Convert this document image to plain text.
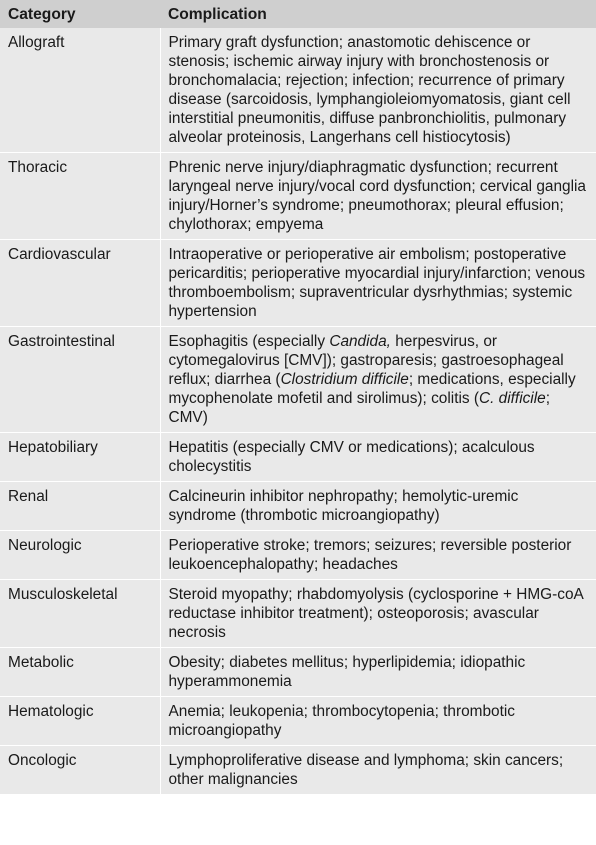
Category	Complication
Allograft	Primary graft dysfunction; anastomotic dehiscence or stenosis; ischemic airway injury with bronchostenosis or bronchomalacia; rejection; infection; recurrence of primary disease (sarcoidosis, lymphangioleiomyomatosis, giant cell interstitial pneumonitis, diffuse panbronchiolitis, pulmonary alveolar proteinosis, Langerhans cell histiocytosis)
Thoracic	Phrenic nerve injury/diaphragmatic dysfunction; recurrent laryngeal nerve injury/vocal cord dysfunction; cervical ganglia injury/Horner’s syndrome; pneumothorax; pleural effusion; chylothorax; empyema
Cardiovascular	Intraoperative or perioperative air embolism; postoperative pericarditis; perioperative myocardial injury/infarction; venous thromboembolism; supraventricular dysrhythmias; systemic hypertension
Gastrointestinal	Esophagitis (especially Candida, herpesvirus, or cytomegalovirus [CMV]); gastroparesis; gastroesophageal reflux; diarrhea (Clostridium difficile; medications, especially mycophenolate mofetil and sirolimus); colitis (C. difficile; CMV)
Hepatobiliary	Hepatitis (especially CMV or medications); acalculous cholecystitis
Renal	Calcineurin inhibitor nephropathy; hemolytic-uremic syndrome (thrombotic microangiopathy)
Neurologic	Perioperative stroke; tremors; seizures; reversible posterior leukoencephalopathy; headaches
Musculoskeletal	Steroid myopathy; rhabdomyolysis (cyclosporine + HMG-coA reductase inhibitor treatment); osteoporosis; avascular necrosis
Metabolic	Obesity; diabetes mellitus; hyperlipidemia; idiopathic hyperammonemia
Hematologic	Anemia; leukopenia; thrombocytopenia; thrombotic microangiopathy
Oncologic	Lymphoproliferative disease and lymphoma; skin cancers; other malignancies
